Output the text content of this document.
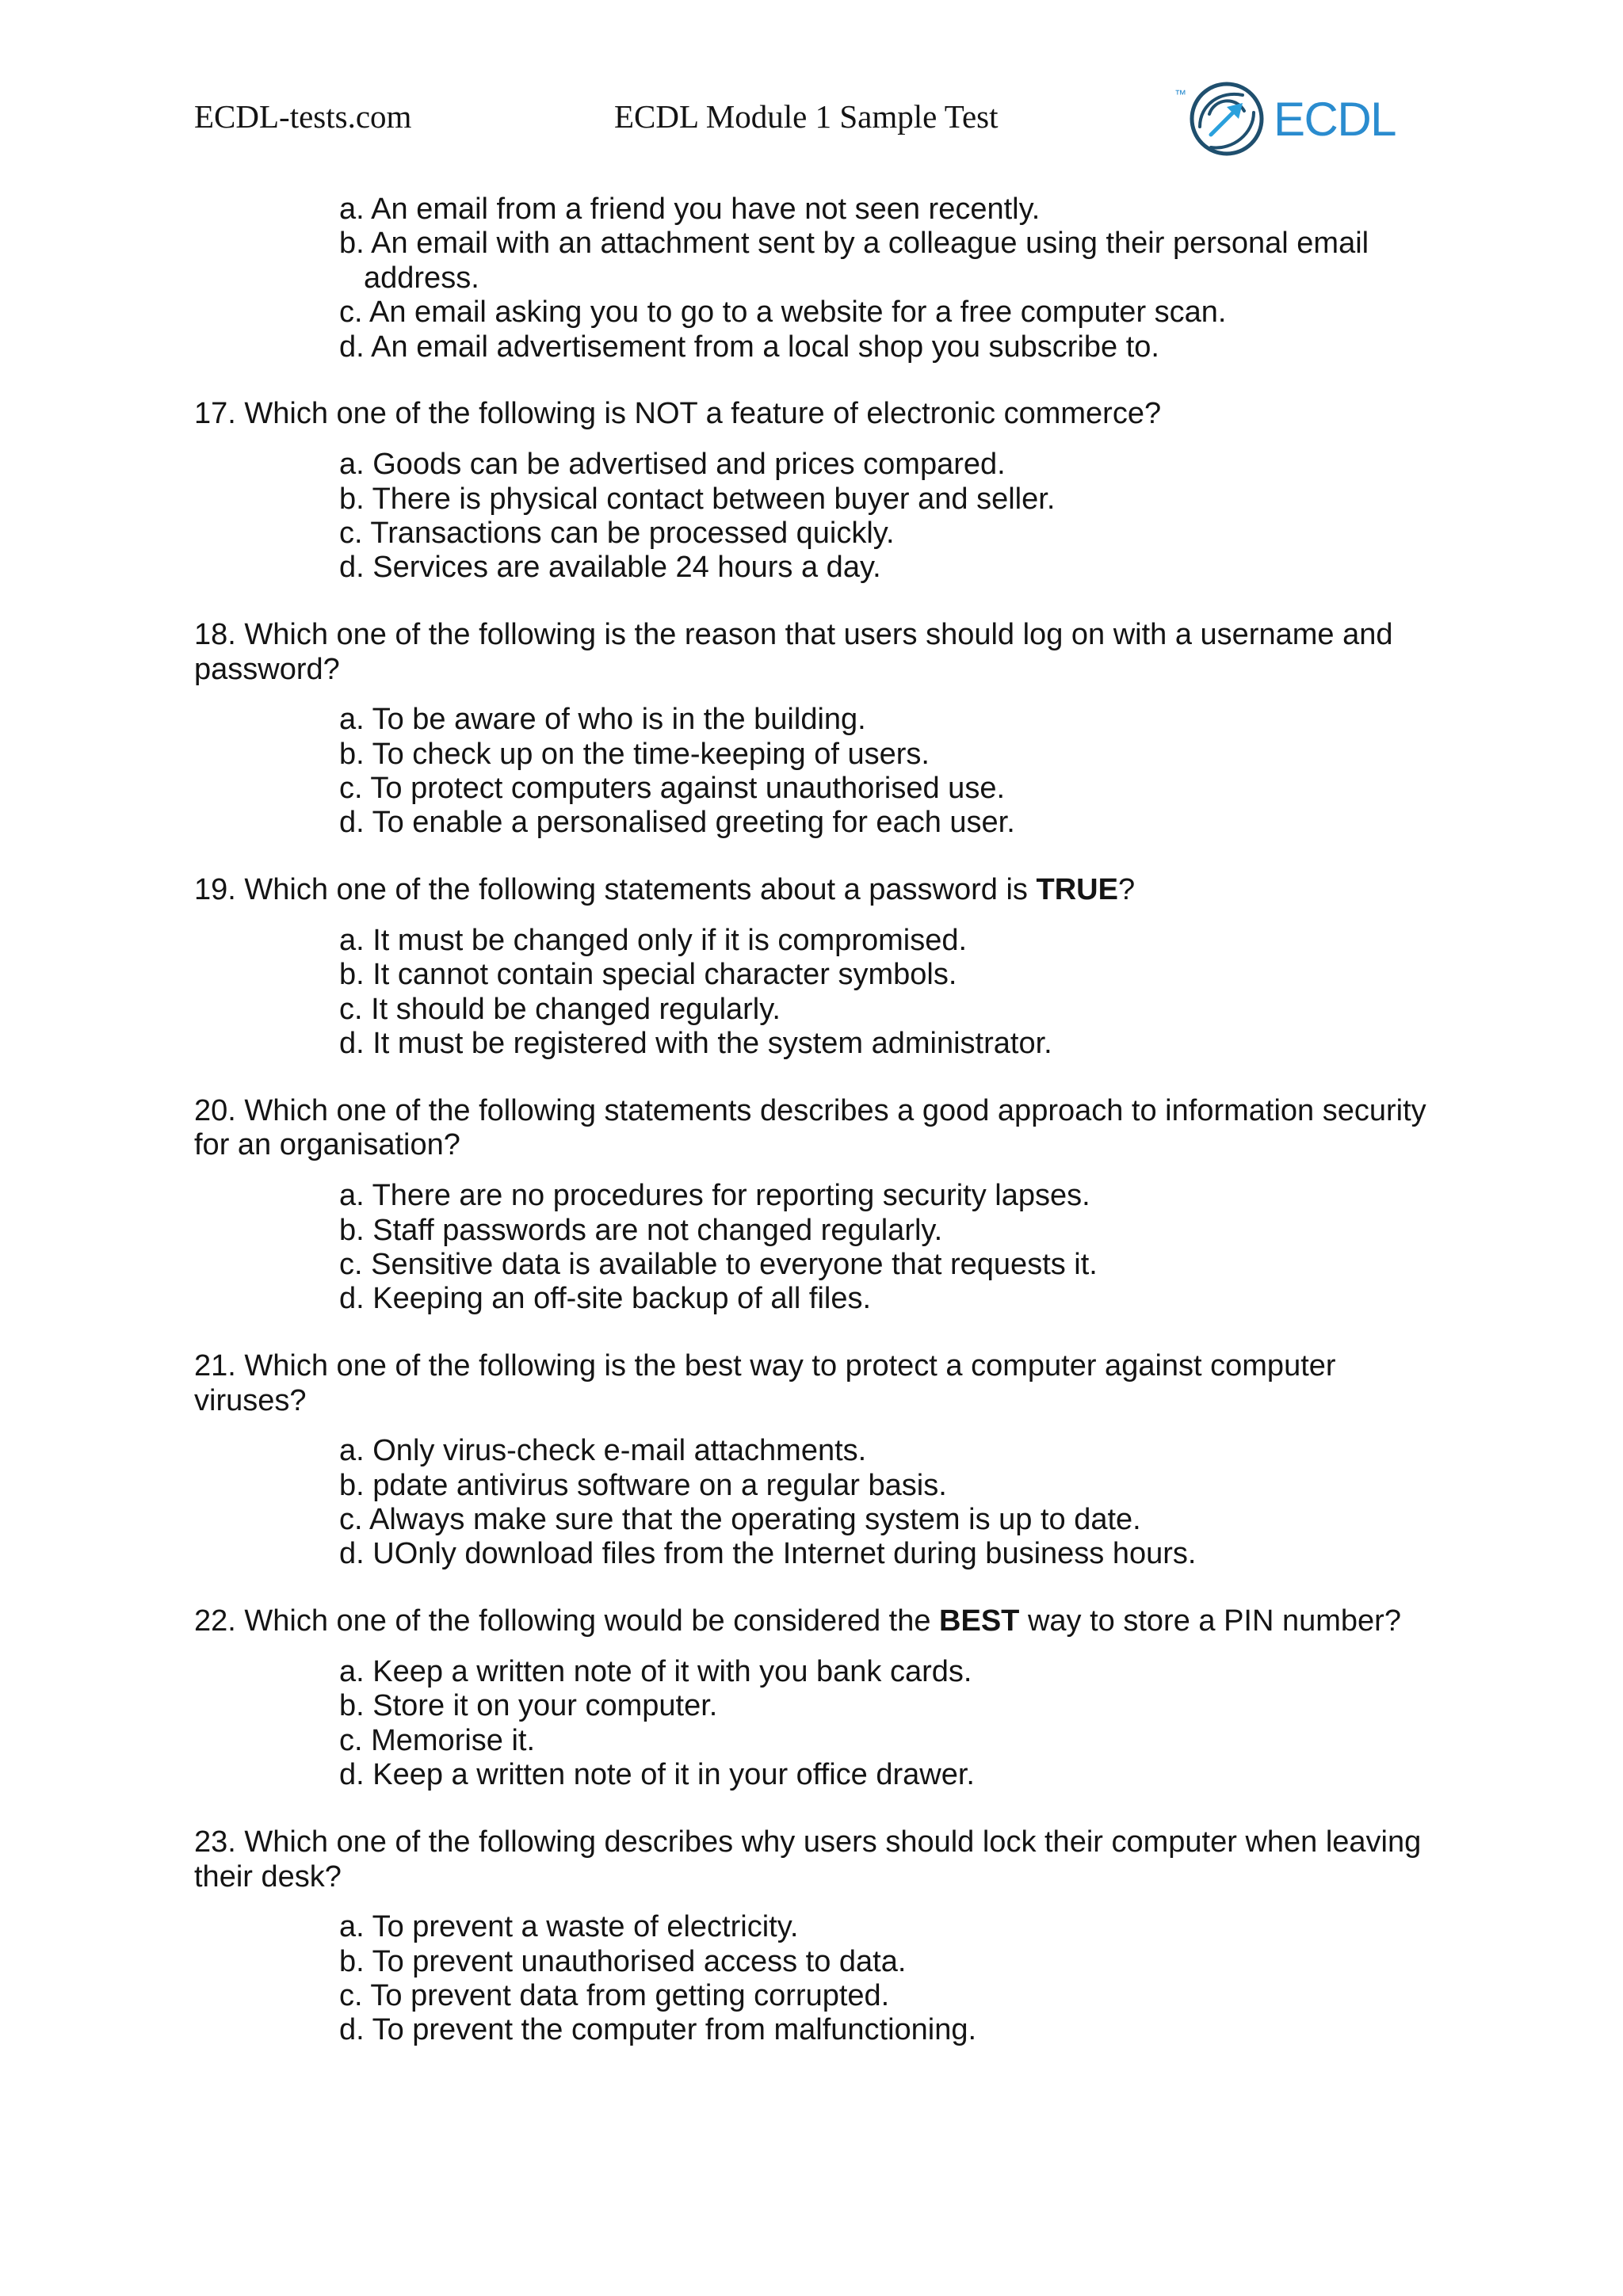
ECDL-tests.com	ECDL Module 1 Sample Test
™ ECDL
a. An email from a friend you have not seen recently.
b. An email with an attachment sent by a colleague using their personal email
address.
c. An email asking you to go to a website for a free computer scan.
d. An email advertisement from a local shop you subscribe to.
17. Which one of the following is NOT a feature of electronic commerce?
a. Goods can be advertised and prices compared.
b. There is physical contact between buyer and seller.
c. Transactions can be processed quickly.
d. Services are available 24 hours a day.
18. Which one of the following is the reason that users should log on with a username and
password?
a. To be aware of who is in the building.
b. To check up on the time-keeping of users.
c. To protect computers against unauthorised use.
d. To enable a personalised greeting for each user.
19. Which one of the following statements about a password is TRUE?
a. It must be changed only if it is compromised.
b. It cannot contain special character symbols.
c. It should be changed regularly.
d. It must be registered with the system administrator.
20. Which one of the following statements describes a good approach to information security
for an organisation?
a. There are no procedures for reporting security lapses.
b. Staff passwords are not changed regularly.
c. Sensitive data is available to everyone that requests it.
d. Keeping an off-site backup of all files.
21. Which one of the following is the best way to protect a computer against computer
viruses?
a. Only virus-check e-mail attachments.
b. pdate antivirus software on a regular basis.
c. Always make sure that the operating system is up to date.
d. UOnly download files from the Internet during business hours.
22. Which one of the following would be considered the BEST way to store a PIN number?
a. Keep a written note of it with you bank cards.
b. Store it on your computer.
c. Memorise it.
d. Keep a written note of it in your office drawer.
23. Which one of the following describes why users should lock their computer when leaving
their desk?
a. To prevent a waste of electricity.
b. To prevent unauthorised access to data.
c. To prevent data from getting corrupted.
d. To prevent the computer from malfunctioning.
